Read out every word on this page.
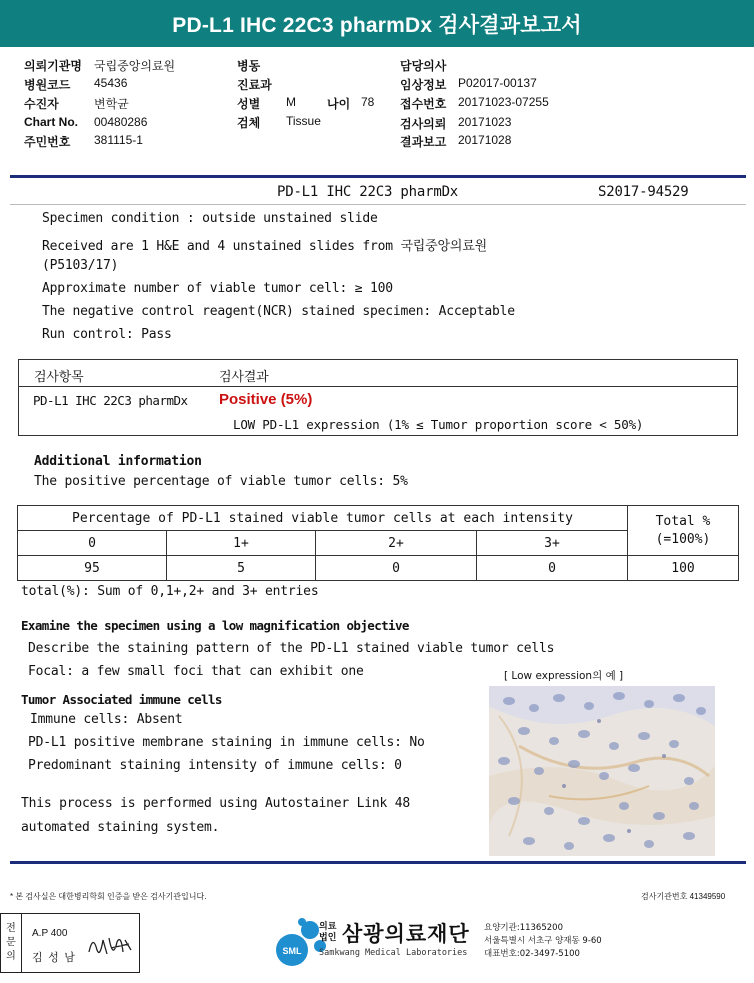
PD-L1 IHC 22C3 pharmDx 검사결과보고서
의뢰기관명 국립중앙의료원
병원코드 45436
수진자	변학균
Chart No. 00480286
주민번호 381115-1
병동
진료과
성별 M	나이 78
검체 Tissue
담당의사
임상정보 P02017-00137
접수번호 20171023-07255
검사의뢰 20171023
결과보고 20171028
PD-L1 IHC 22C3 pharmDx	S2017-94529
Specimen condition : outside unstained slide
Received are 1 H&E and 4 unstained slides from 국립중앙의료원
(P5103/17)
Approximate number of viable tumor cell: ≥ 100
The negative control reagent(NCR) stained specimen: Acceptable
Run control: Pass
검사항목	검사결과
PD-L1 IHC 22C3 pharmDx Positive (5%)
LOW PD-L1 expression (1% ≤ Tumor proportion score < 50%)
Additional information
The positive percentage of viable tumor cells: 5%
Percentage of PD-L1 stained viable tumor cells at each intensity				Total %
(=100%)

0	1+	2+	3+	
95	5	0	0	100
total(%): Sum of 0,1+,2+ and 3+ entries
Examine the specimen using a low magnification objective
Describe the staining pattern of the PD-L1 stained viable tumor cells
Focal: a few small foci that can exhibit one	[ Low expression의 예 ]
Tumor Associated immune cells
Immune cells: Absent
PD-L1 positive membrane staining in immune cells: No
Predominant staining intensity of immune cells: 0
This process is performed using Autostainer Link 48
automated staining system.
* 본 검사실은 대한병리학회 인증을 받은 검사기관입니다.	검사기관번호 41349590
전
문
의
A.P 400
김 성 남	SML
의료
법인 삼광의료재단
Samkwang Medical Laboratories
요양기관:11365200
서울특별시 서초구 양재동 9-60
대표번호:02-3497-5100
